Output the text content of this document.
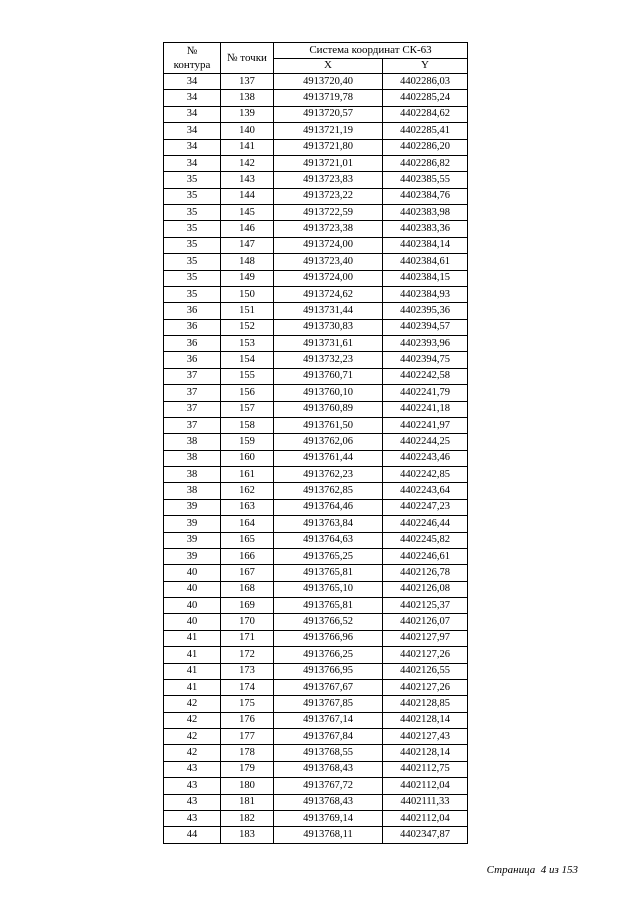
№
контура	№ точки	Система координат СК-63	
		X	Y
34	137	4913720,40	4402286,03
34	138	4913719,78	4402285,24
34	139	4913720,57	4402284,62
34	140	4913721,19	4402285,41
34	141	4913721,80	4402286,20
34	142	4913721,01	4402286,82
35	143	4913723,83	4402385,55
35	144	4913723,22	4402384,76
35	145	4913722,59	4402383,98
35	146	4913723,38	4402383,36
35	147	4913724,00	4402384,14
35	148	4913723,40	4402384,61
35	149	4913724,00	4402384,15
35	150	4913724,62	4402384,93
36	151	4913731,44	4402395,36
36	152	4913730,83	4402394,57
36	153	4913731,61	4402393,96
36	154	4913732,23	4402394,75
37	155	4913760,71	4402242,58
37	156	4913760,10	4402241,79
37	157	4913760,89	4402241,18
37	158	4913761,50	4402241,97
38	159	4913762,06	4402244,25
38	160	4913761,44	4402243,46
38	161	4913762,23	4402242,85
38	162	4913762,85	4402243,64
39	163	4913764,46	4402247,23
39	164	4913763,84	4402246,44
39	165	4913764,63	4402245,82
39	166	4913765,25	4402246,61
40	167	4913765,81	4402126,78
40	168	4913765,10	4402126,08
40	169	4913765,81	4402125,37
40	170	4913766,52	4402126,07
41	171	4913766,96	4402127,97
41	172	4913766,25	4402127,26
41	173	4913766,95	4402126,55
41	174	4913767,67	4402127,26
42	175	4913767,85	4402128,85
42	176	4913767,14	4402128,14
42	177	4913767,84	4402127,43
42	178	4913768,55	4402128,14
43	179	4913768,43	4402112,75
43	180	4913767,72	4402112,04
43	181	4913768,43	4402111,33
43	182	4913769,14	4402112,04
44	183	4913768,11	4402347,87
Страница 4 из 153
